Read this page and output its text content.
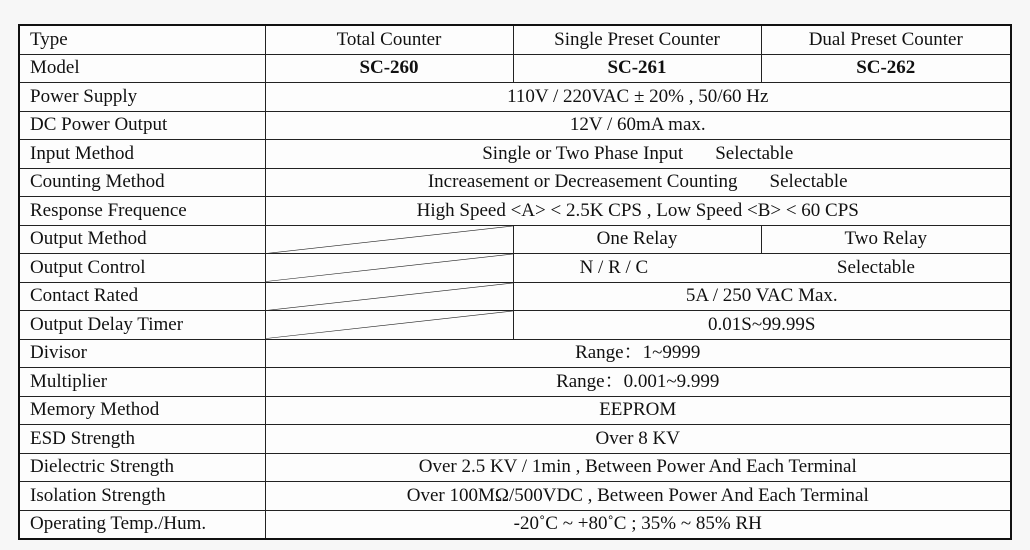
Type	Total Counter	Single Preset Counter	Dual Preset Counter
Model	SC-260	SC-261	SC-262
Power Supply	110V / 220VAC ± 20% , 50/60 Hz		
DC Power Output	12V / 60mA max.		
Input Method	Single or Two Phase Input Selectable		
Counting Method	Increasement or Decreasement Counting Selectable		
Response Frequence	High Speed <A> < 2.5K CPS , Low Speed <B> < 60 CPS		
Output Method		One Relay	Two Relay
Output Control		N / R / C Selectable	

Contact Rated		5A / 250 VAC Max.	
Output Delay Timer		0.01S~99.99S	
Divisor	Range：1~9999		
Multiplier	Range：0.001~9.999		
Memory Method	EEPROM		
ESD Strength	Over 8 KV		
Dielectric Strength	Over 2.5 KV / 1min , Between Power And Each Terminal		
Isolation Strength	Over 100MΩ/500VDC , Between Power And Each Terminal		
Operating Temp./Hum.	-20˚C ~ +80˚C ; 35% ~ 85% RH		
